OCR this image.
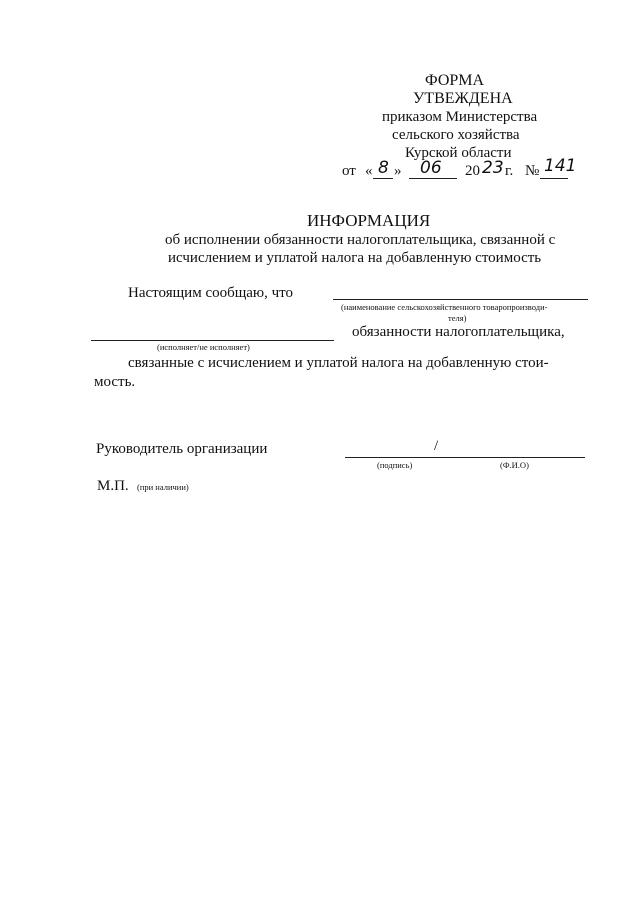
ФОРМА
УТВЕЖДЕНА
приказом Министерства
сельского хозяйства
Курской области
от « 8 » 06 20 23 г. № 141
ИНФОРМАЦИЯ
об исполнении обязанности налогоплательщика, связанной с
исчислением и уплатой налога на добавленную стоимость
Настоящим сообщаю, что
(наименование сельскохозяйственного товаропроизводи-
теля)
(исполняет/не исполняет)
обязанности налогоплательщика,
связанные с исчислением и уплатой налога на добавленную стои-
мость.
Руководитель организации	/
(подпись)	(Ф.И.О)
М.П. (при наличии)
